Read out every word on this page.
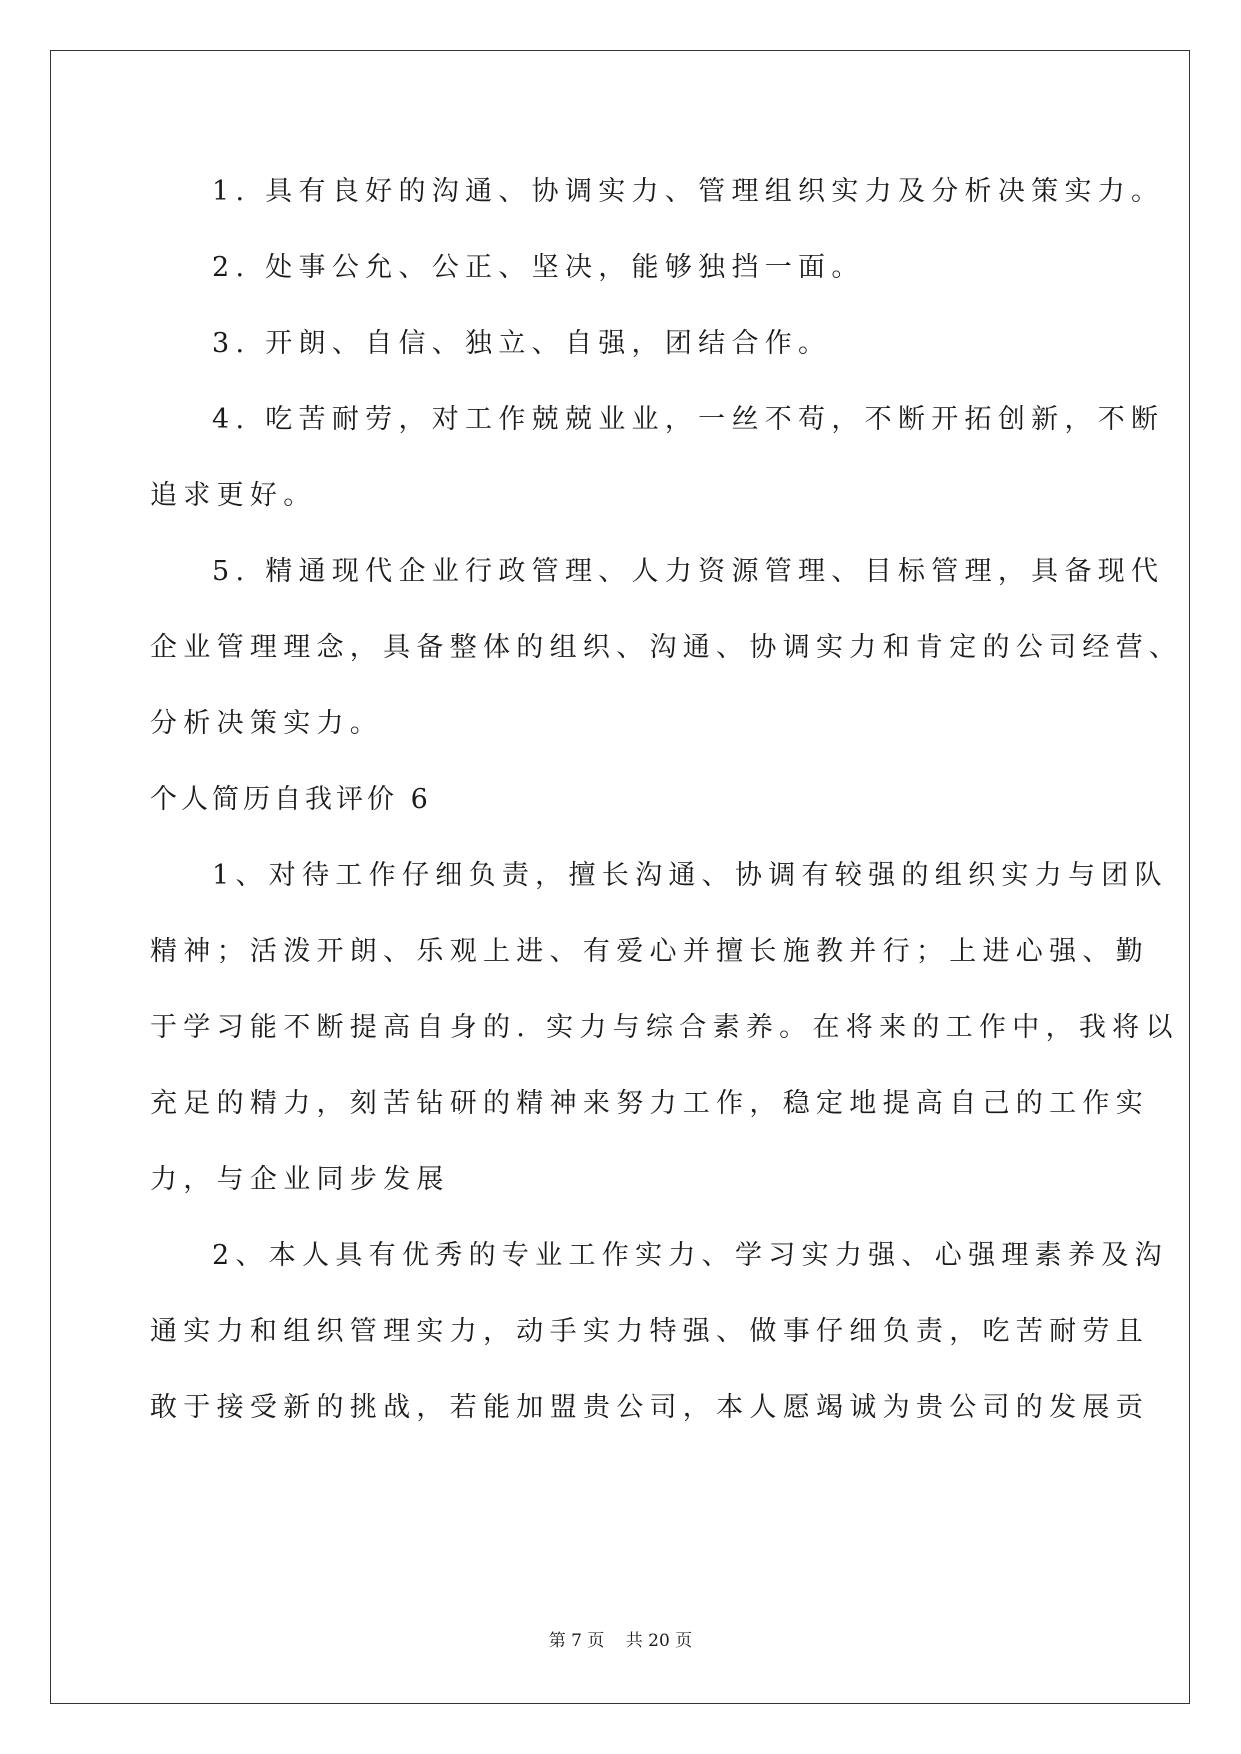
1. 具有良好的沟通、协调实力、管理组织实力及分析决策实力。
2. 处事公允、公正、坚决，能够独挡一面。
3. 开朗、自信、独立、自强，团结合作。
4. 吃苦耐劳，对工作兢兢业业，一丝不苟，不断开拓创新，不断
追求更好。
5. 精通现代企业行政管理、人力资源管理、目标管理，具备现代
企业管理理念，具备整体的组织、沟通、协调实力和肯定的公司经营、
分析决策实力。
个人简历自我评价 6
1、对待工作仔细负责，擅长沟通、协调有较强的组织实力与团队
精神；活泼开朗、乐观上进、有爱心并擅长施教并行；上进心强、勤
于学习能不断提高自身的. 实力与综合素养。在将来的工作中，我将以
充足的精力，刻苦钻研的精神来努力工作，稳定地提高自己的工作实
力，与企业同步发展
2、本人具有优秀的专业工作实力、学习实力强、心强理素养及沟
通实力和组织管理实力，动手实力特强、做事仔细负责，吃苦耐劳且
敢于接受新的挑战，若能加盟贵公司，本人愿竭诚为贵公司的发展贡
第 7 页 共 20 页
